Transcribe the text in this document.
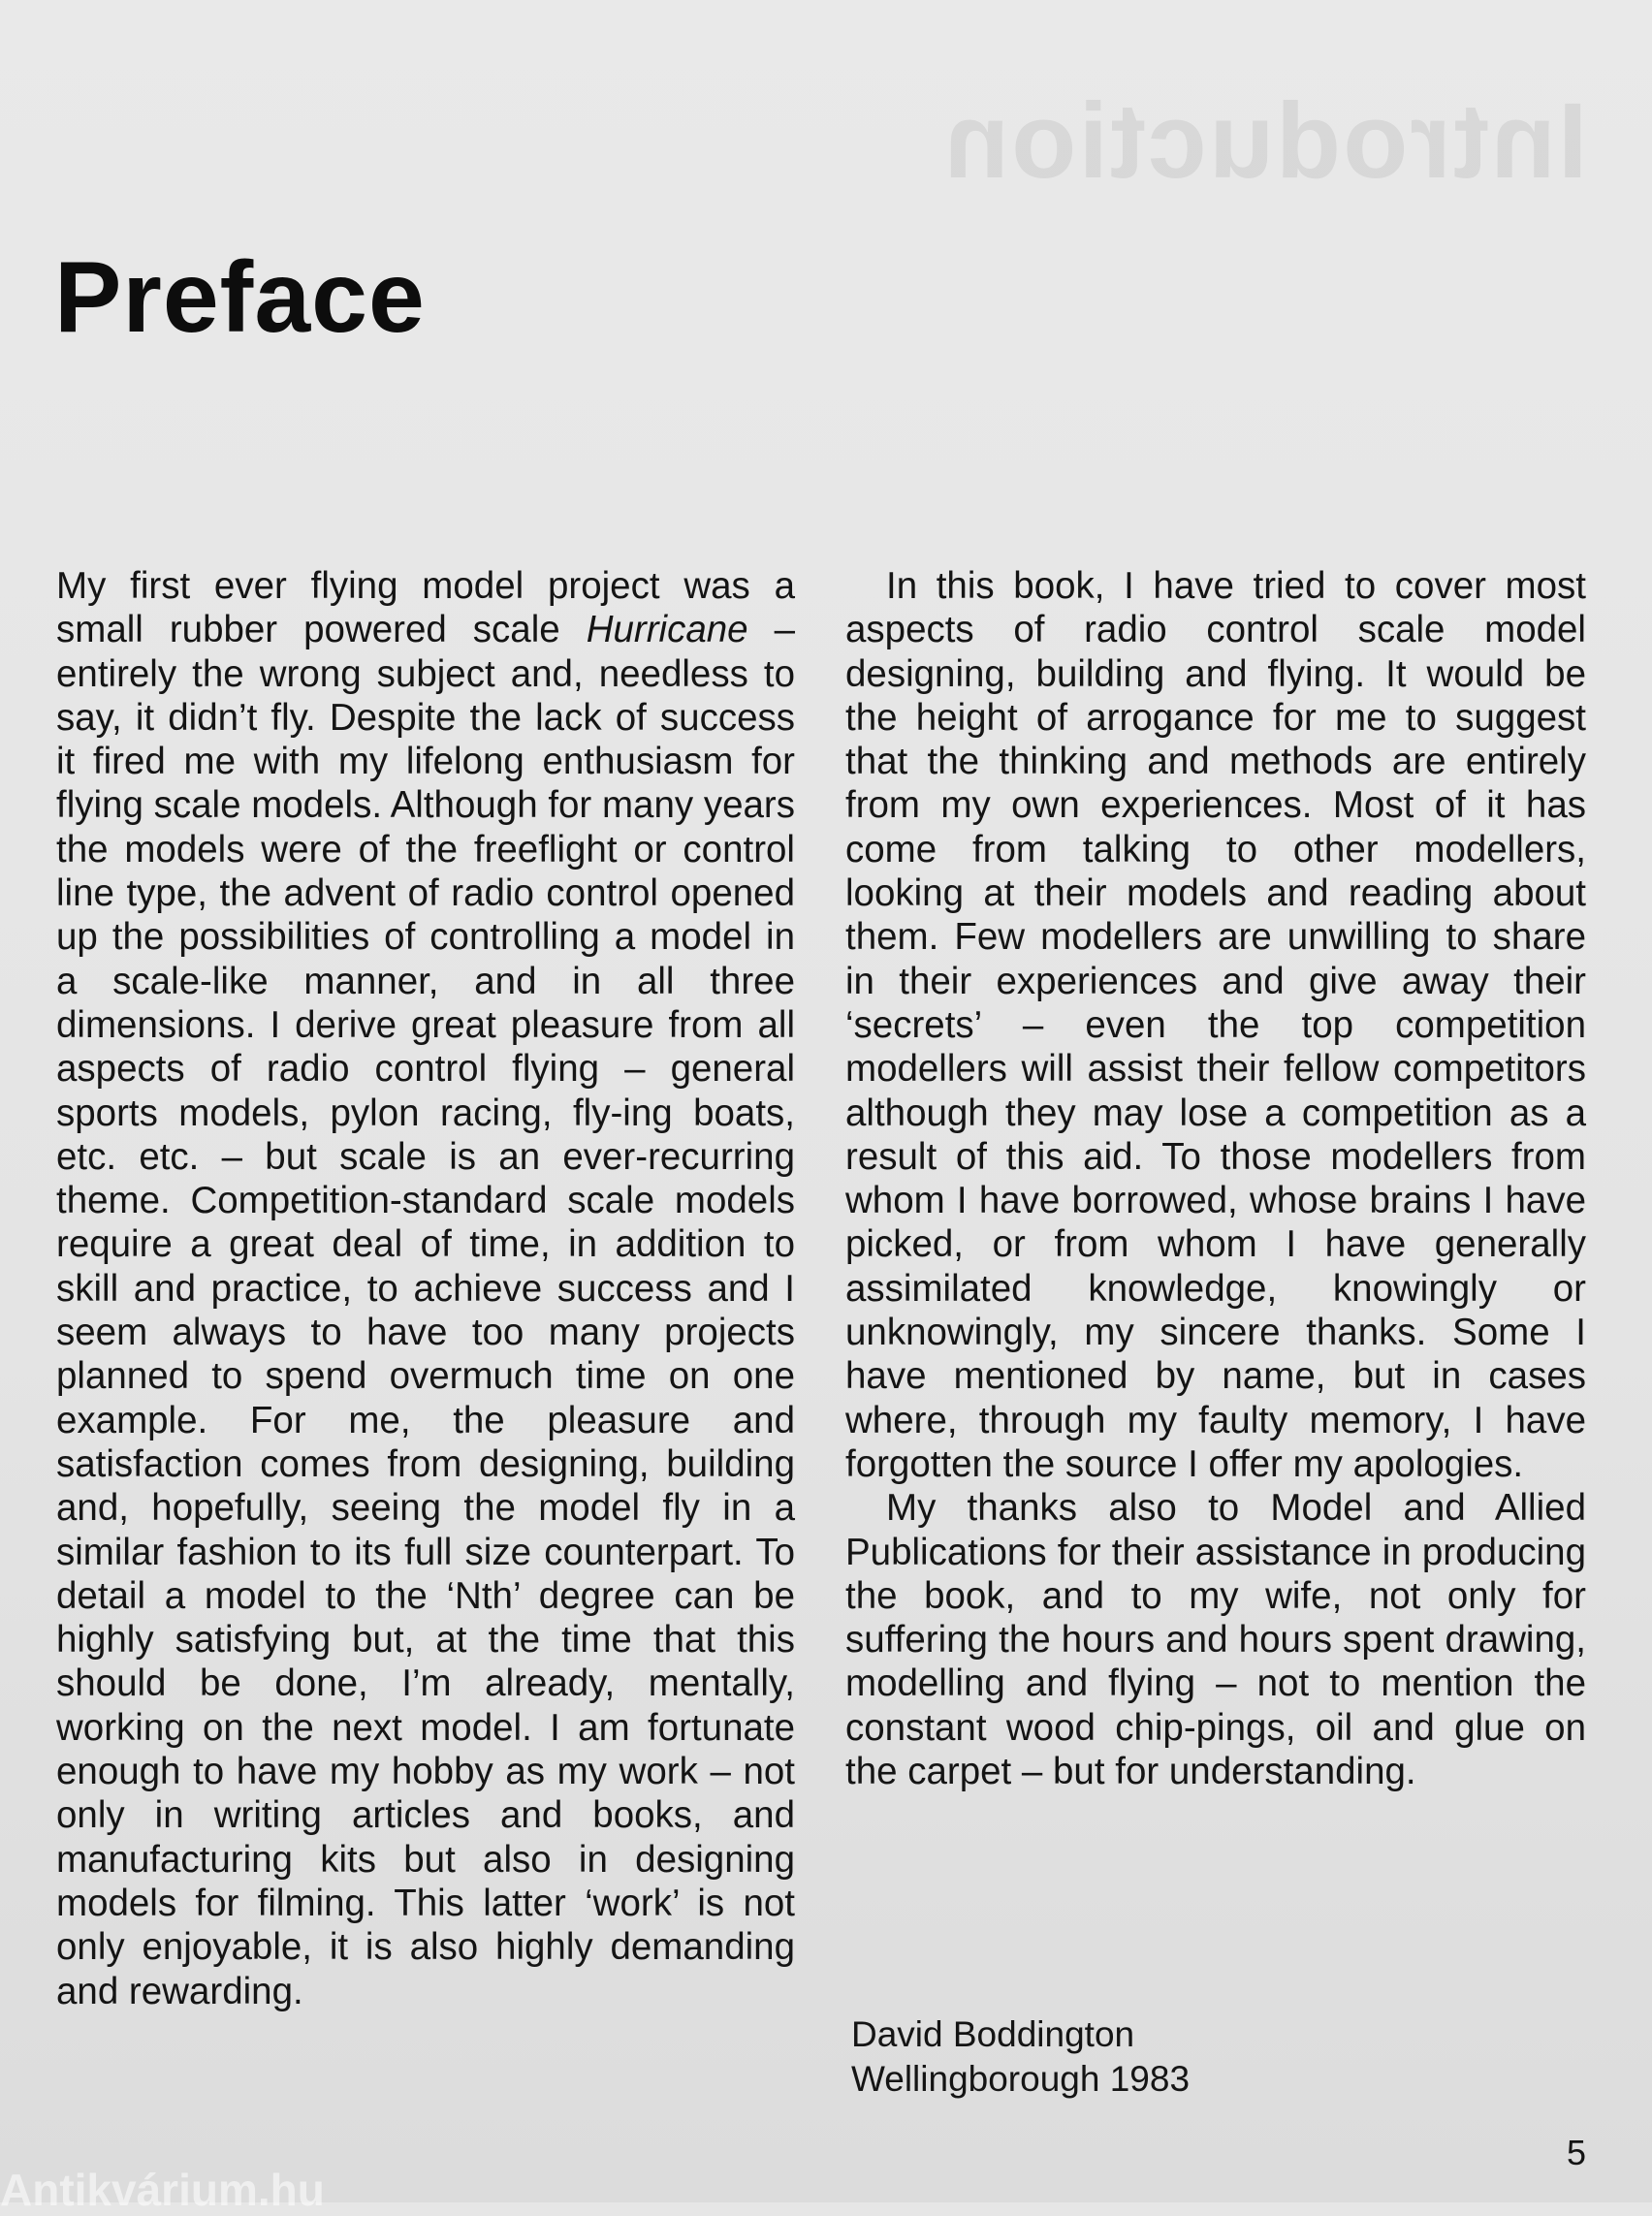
Introduction
Preface

My first ever flying model project was a small rubber powered scale Hurricane – entirely the wrong subject and, needless to say, it didn’t fly. Despite the lack of success it fired me with my lifelong enthusiasm for flying scale models. Although for many years the models were of the freeflight or control line type, the advent of radio control opened up the possibilities of controlling a model in a scale-like manner, and in all three dimensions. I derive great pleasure from all aspects of radio control flying – general sports models, pylon racing, fly-ing boats, etc. etc. – but scale is an ever-recurring theme. Competition-standard scale models require a great deal of time, in addition to skill and practice, to achieve success and I seem always to have too many projects planned to spend overmuch time on one example. For me, the pleasure and satisfaction comes from designing, building and, hopefully, seeing the model fly in a similar fashion to its full size counterpart. To detail a model to the ‘Nth’ degree can be highly satisfying but, at the time that this should be done, I’m already, mentally, working on the next model. I am fortunate enough to have my hobby as my work – not only in writing articles and books, and manufacturing kits but also in designing models for filming. This latter ‘work’ is not only enjoyable, it is also highly demanding and rewarding.

In this book, I have tried to cover most aspects of radio control scale model designing, building and flying. It would be the height of arrogance for me to suggest that the thinking and methods are entirely from my own experiences. Most of it has come from talking to other modellers, looking at their models and reading about them. Few modellers are unwilling to share in their experiences and give away their ‘secrets’ – even the top competition modellers will assist their fellow competitors although they may lose a competition as a result of this aid. To those modellers from whom I have borrowed, whose brains I have picked, or from whom I have generally assimilated knowledge, knowingly or unknowingly, my sincere thanks. Some I have mentioned by name, but in cases where, through my faulty memory, I have forgotten the source I offer my apologies.

My thanks also to Model and Allied Publications for their assistance in producing the book, and to my wife, not only for suffering the hours and hours spent drawing, modelling and flying – not to mention the constant wood chip-pings, oil and glue on the carpet – but for understanding.

David Boddington
Wellingborough 1983
5
Antikvárium.hu
